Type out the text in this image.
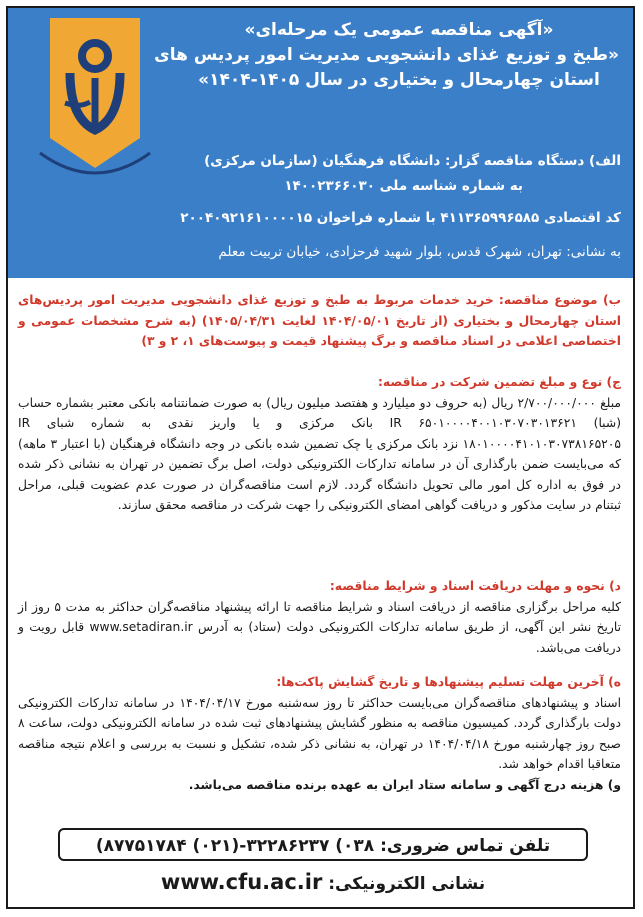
«آگهی مناقصه عمومی یک مرحله‌ای»
«طبخ و توزیع غذای دانشجویی مدیریت امور پردیس های
استان چهارمحال و بختیاری در سال ۱۴۰۵-۱۴۰۴»
الف) دستگاه مناقصه گزار: دانشگاه فرهنگیان (سازمان مرکزی)
به شماره شناسه ملی ۱۴۰۰۲۳۶۶۰۳۰
کد اقتصادی ۴۱۱۳۶۵۹۹۶۵۸۵ با شماره فراخوان ۲۰۰۴۰۹۲۱۶۱۰۰۰۰۱۵
به نشانی: تهران، شهرک قدس، بلوار شهید فرحزادی، خیابان تربیت معلم
ب) موضوع مناقصه: خرید خدمات مربوط به طبخ و توزیع غذای دانشجویی مدیریت امور پردیس‌های استان چهارمحال و بختیاری (از تاریخ ۱۴۰۴/۰۵/۰۱ لغایت ۱۴۰۵/۰۴/۳۱) (به شرح مشخصات عمومی و اختصاصی اعلامی در اسناد مناقصه و برگ پیشنهاد قیمت و پیوست‌های ۱، ۲ و ۳)
ج) نوع و مبلغ تضمین شرکت در مناقصه:
مبلغ ۲/۷۰۰/۰۰۰/۰۰۰ ریال (به حروف دو میلیارد و هفتصد میلیون ریال) به صورت ضمانتنامه بانکی معتبر بشماره حساب (شبا) IR ۶۵۰۱۰۰۰۰۴۰۰۱۰۳۰۷۰۳۰۱۳۶۲۱ بانک مرکزی و یا واریز نقدی به شماره شبای IR ۱۸۰۱۰۰۰۰۴۱۰۱۰۳۰۷۳۸۱۶۵۲۰۵ نزد بانک مرکزی یا چک تضمین شده بانکی در وجه دانشگاه فرهنگیان (با اعتبار ۳ ماهه) که می‌بایست ضمن بارگذاری آن در سامانه تدارکات الکترونیکی دولت، اصل برگ تضمین در تهران به نشانی ذکر شده در فوق به اداره کل امور مالی تحویل دانشگاه گردد. لازم است مناقصه‌گران در صورت عدم عضویت قبلی، مراحل ثبتنام در سایت مذکور و دریافت گواهی امضای الکترونیکی را جهت شرکت در مناقصه محقق سازند.
د) نحوه و مهلت دریافت اسناد و شرایط مناقصه:
کلیه مراحل برگزاری مناقصه از دریافت اسناد و شرایط مناقصه تا ارائه پیشنهاد مناقصه‌گران حداکثر به مدت ۵ روز از تاریخ نشر این آگهی، از طریق سامانه تدارکات الکترونیکی دولت (ستاد) به آدرس www.setadiran.ir قابل رویت و دریافت می‌باشد.
ه) آخرین مهلت تسلیم پیشنهادها و تاریخ گشایش پاکت‌ها:
اسناد و پیشنهادهای مناقصه‌گران می‌بایست حداکثر تا روز سه‌شنبه مورخ ۱۴۰۴/۰۴/۱۷ در سامانه تدارکات الکترونیکی دولت بارگذاری گردد. کمیسیون مناقصه به منظور گشایش پیشنهادهای ثبت شده در سامانه الکترونیکی دولت، ساعت ۸ صبح روز چهارشنبه مورخ ۱۴۰۴/۰۴/۱۸ در تهران، به نشانی ذکر شده، تشکیل و نسبت به بررسی و اعلام نتیجه مناقصه متعاقبا اقدام خواهد شد.
و) هزینه درج آگهی و سامانه ستاد ایران به عهده برنده مناقصه می‌باشد.
تلفن تماس ضروری: ۰۳۸) ۳۲۲۸۶۲۳۷-(۰۲۱) ۸۷۷۵۱۷۸۴)
نشانی الکترونیکی: www.cfu.ac.ir
